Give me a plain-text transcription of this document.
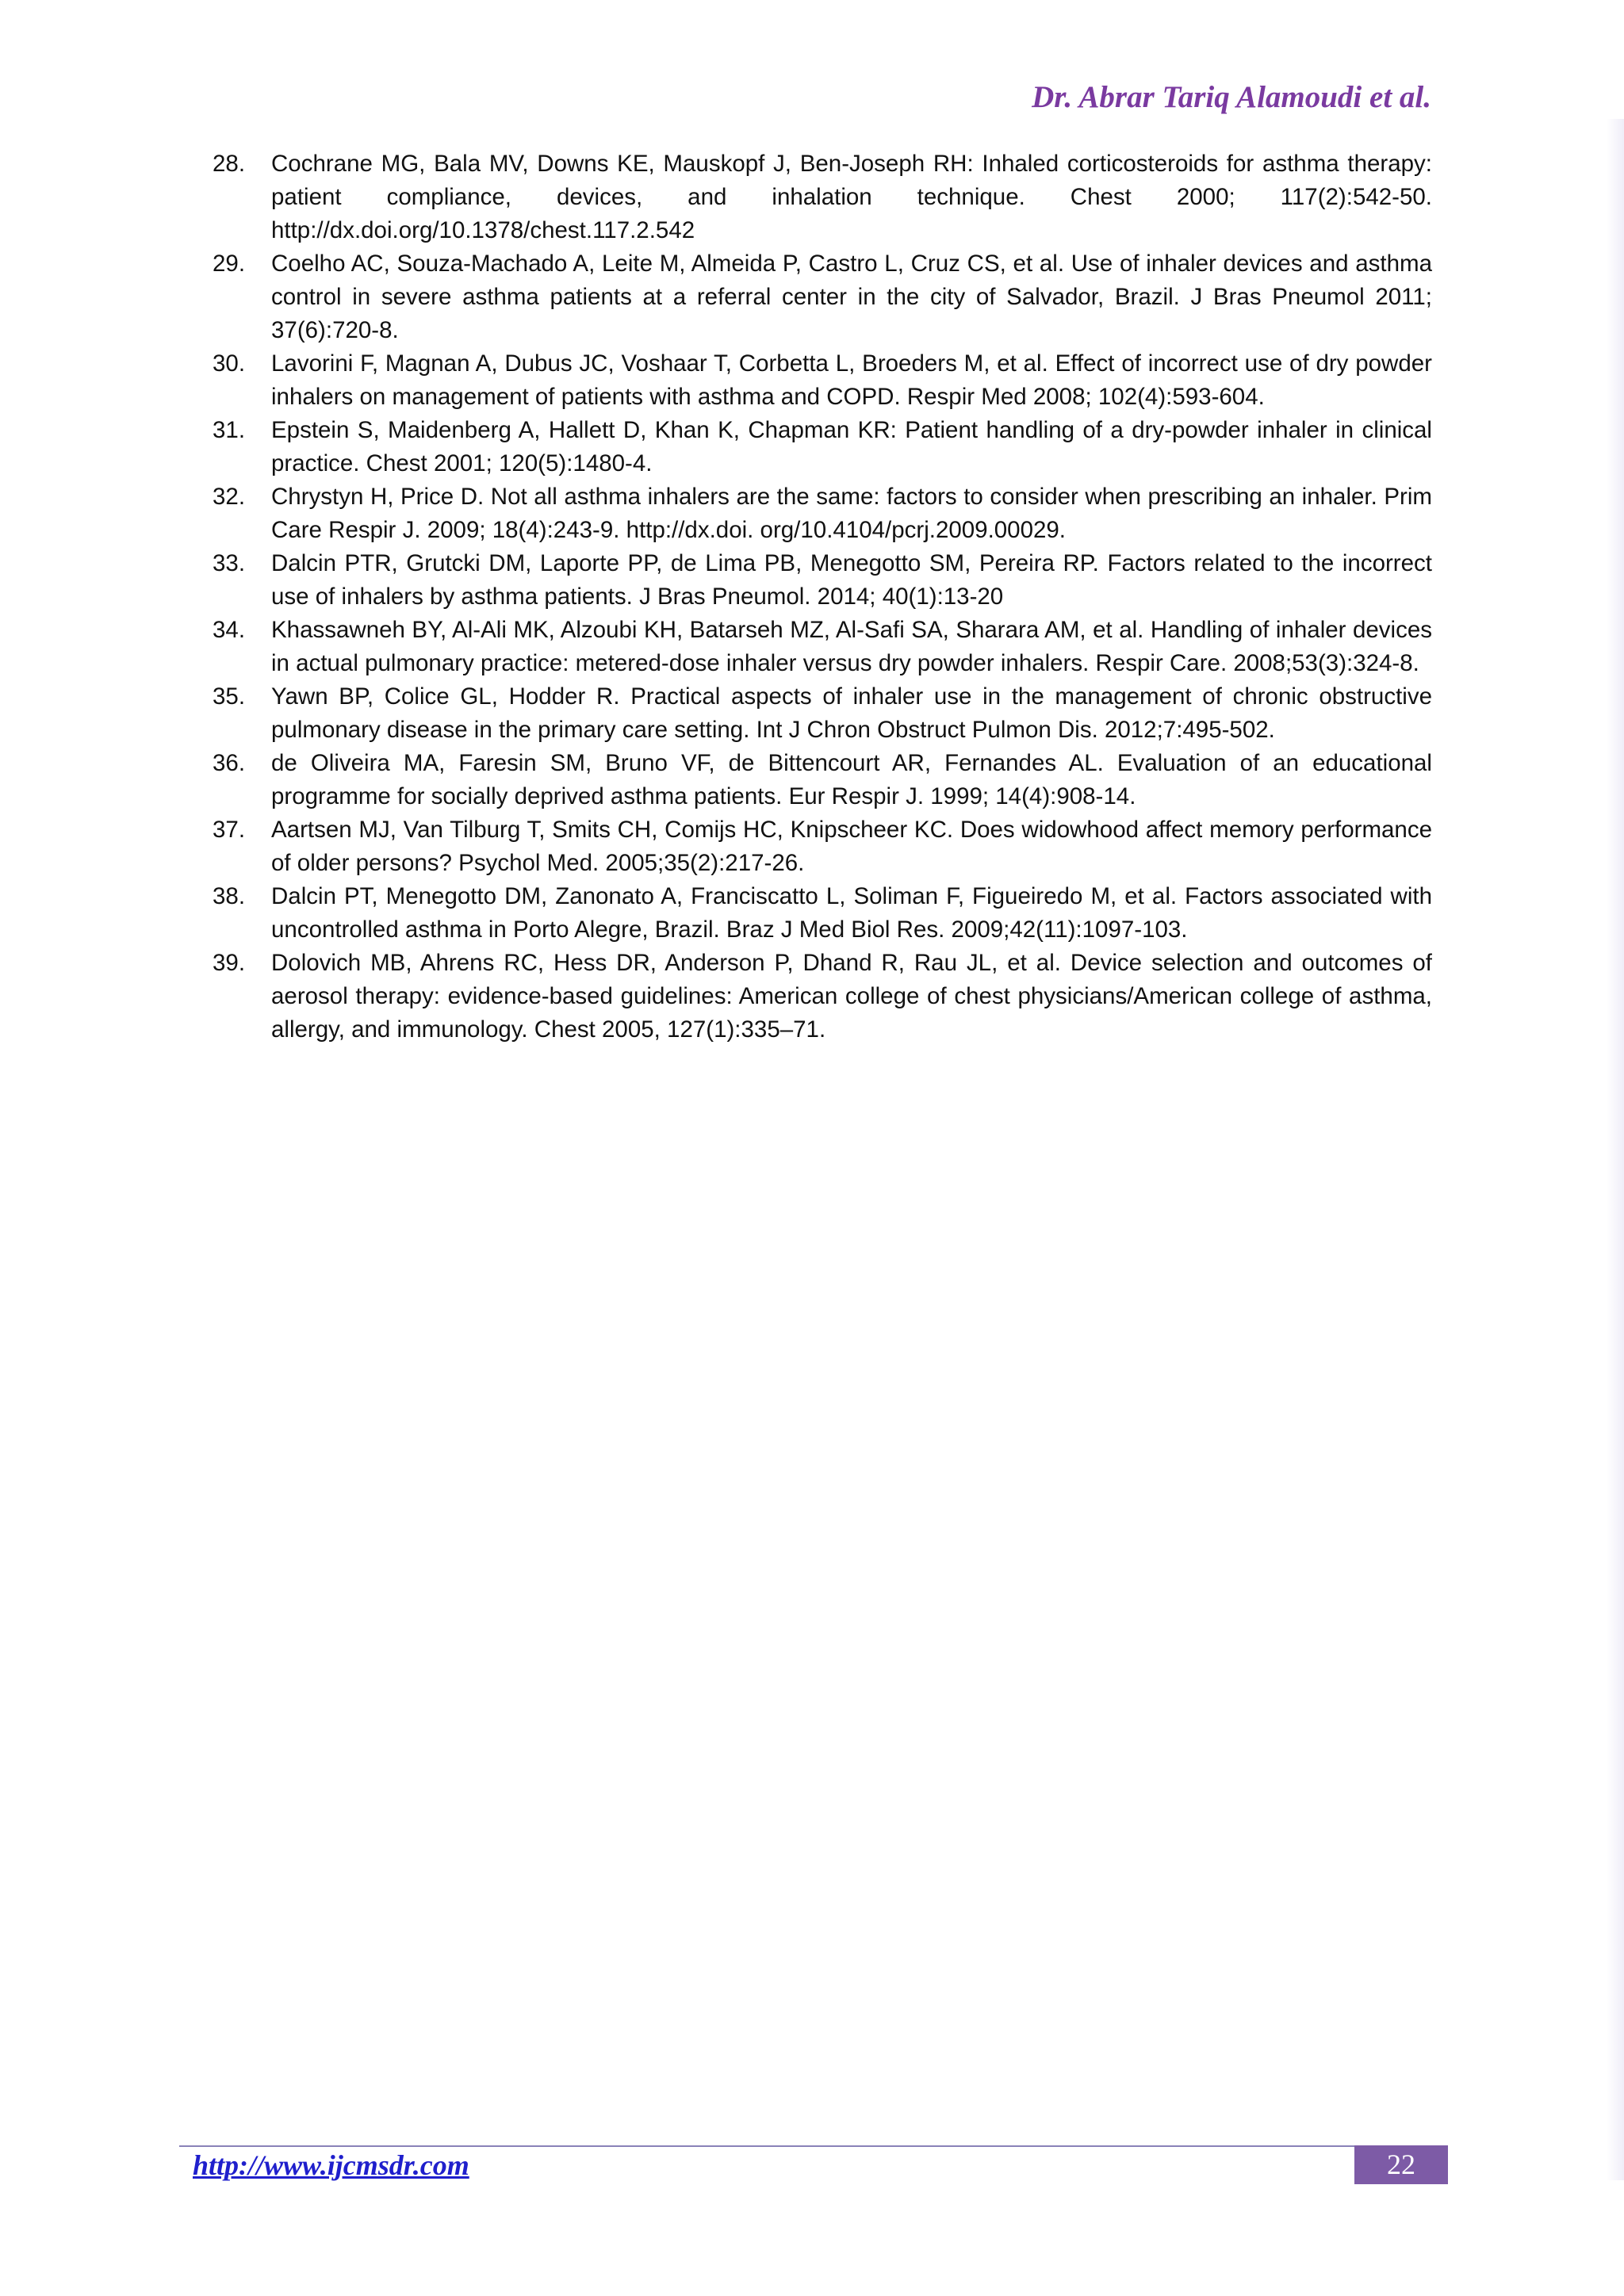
Dr. Abrar Tariq Alamoudi et al.
28.	Cochrane MG, Bala MV, Downs KE, Mauskopf J, Ben-Joseph RH: Inhaled corticosteroids for asthma therapy: patient compliance, devices, and inhalation technique. Chest 2000; 117(2):542-50. http://dx.doi.org/10.1378/chest.117.2.542
29.	Coelho AC, Souza-Machado A, Leite M, Almeida P, Castro L, Cruz CS, et al. Use of inhaler devices and asthma control in severe asthma patients at a referral center in the city of Salvador, Brazil. J Bras Pneumol 2011; 37(6):720-8.
30.	Lavorini F, Magnan A, Dubus JC, Voshaar T, Corbetta L, Broeders M, et al. Effect of incorrect use of dry powder inhalers on management of patients with asthma and COPD. Respir Med 2008; 102(4):593-604.
31.	Epstein S, Maidenberg A, Hallett D, Khan K, Chapman KR: Patient handling of a dry-powder inhaler in clinical practice. Chest 2001; 120(5):1480-4.
32.	Chrystyn H, Price D. Not all asthma inhalers are the same: factors to consider when prescribing an inhaler. Prim Care Respir J. 2009; 18(4):243-9. http://dx.doi. org/10.4104/pcrj.2009.00029.
33.	Dalcin PTR, Grutcki DM, Laporte PP, de Lima PB, Menegotto SM, Pereira RP. Factors related to the incorrect use of inhalers by asthma patients. J Bras Pneumol. 2014; 40(1):13-20
34.	Khassawneh BY, Al-Ali MK, Alzoubi KH, Batarseh MZ, Al-Safi SA, Sharara AM, et al. Handling of inhaler devices in actual pulmonary practice: metered-dose inhaler versus dry powder inhalers. Respir Care. 2008;53(3):324-8.
35.	Yawn BP, Colice GL, Hodder R. Practical aspects of inhaler use in the management of chronic obstructive pulmonary disease in the primary care setting. Int J Chron Obstruct Pulmon Dis. 2012;7:495-502.
36.	de Oliveira MA, Faresin SM, Bruno VF, de Bittencourt AR, Fernandes AL. Evaluation of an educational programme for socially deprived asthma patients. Eur Respir J. 1999; 14(4):908-14.
37.	Aartsen MJ, Van Tilburg T, Smits CH, Comijs HC, Knipscheer KC. Does widowhood affect memory performance of older persons? Psychol Med. 2005;35(2):217-26.
38.	Dalcin PT, Menegotto DM, Zanonato A, Franciscatto L, Soliman F, Figueiredo M, et al. Factors associated with uncontrolled asthma in Porto Alegre, Brazil. Braz J Med Biol Res. 2009;42(11):1097-103.
39.	Dolovich MB, Ahrens RC, Hess DR, Anderson P, Dhand R, Rau JL, et al. Device selection and outcomes of aerosol therapy: evidence-based guidelines: American college of chest physicians/American college of asthma, allergy, and immunology. Chest 2005, 127(1):335–71.
http://www.ijcmsdr.com	22
